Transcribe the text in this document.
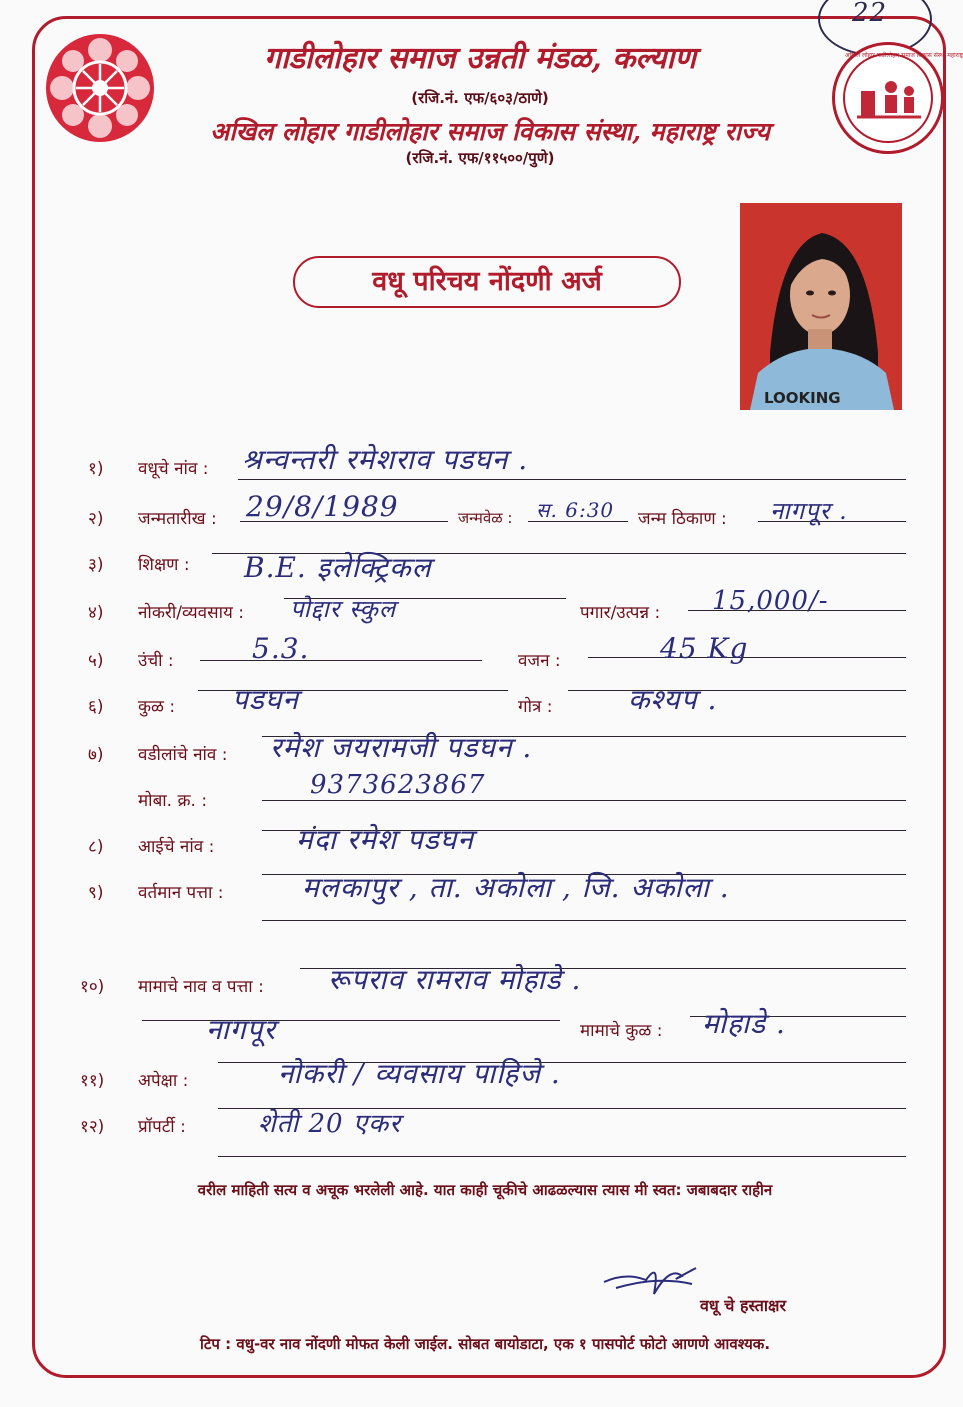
22
अखिल लोहार गाडीलोहार समाज विकास संस्था महाराष्ट्र
गाडीलोहार समाज उन्नती मंडळ, कल्याण
(रजि.नं. एफ/६०३/ठाणे)
अखिल लोहार गाडीलोहार समाज विकास संस्था, महाराष्ट्र राज्य
(रजि.नं. एफ/११५००/पुणे)
वधू परिचय नोंदणी अर्ज
LOOKING
१) वधूचे नांव : श्रन्वन्तरी रमेशराव पडघन .
२) जन्मतारीख : 29/8/1989	जन्मवेळ : स. 6:30 जन्म ठिकाण : नागपूर .
३) शिक्षण : B.E. इलेक्ट्रिकल
४) नोकरी/व्यवसाय : पोद्दार स्कुल	पगार/उत्पन्न : 15,000/-
५) उंची :	5.3.	वजन :	45 Kg
६) कुळ : पडघन	गोत्र :	कश्यप .
७) वडीलांचे नांव : रमेश जयरामजी पडघन .
मोबा. क्र. :
9373623867
८) आईचे नांव :	मंदा रमेश पडघन
९) वर्तमान पत्ता :	मलकापुर , ता. अकोला , जि. अकोला .
१०) मामाचे नाव व पत्ता : रूपराव रामराव मोहाडे .
नागपूर	मामाचे कुळ : मोहाडे .
११) अपेक्षा :	नोकरी / व्यवसाय पाहिजे .
१२) प्रॉपर्टी :	शेती 20 एकर
वरील माहिती सत्य व अचूक भरलेली आहे. यात काही चूकीचे आढळल्यास त्यास मी स्वत: जबाबदार राहीन
वधू चे हस्ताक्षर
टिप : वधु-वर नाव नोंदणी मोफत केली जाईल. सोबत बायोडाटा, एक १ पासपोर्ट फोटो आणणे आवश्यक.
